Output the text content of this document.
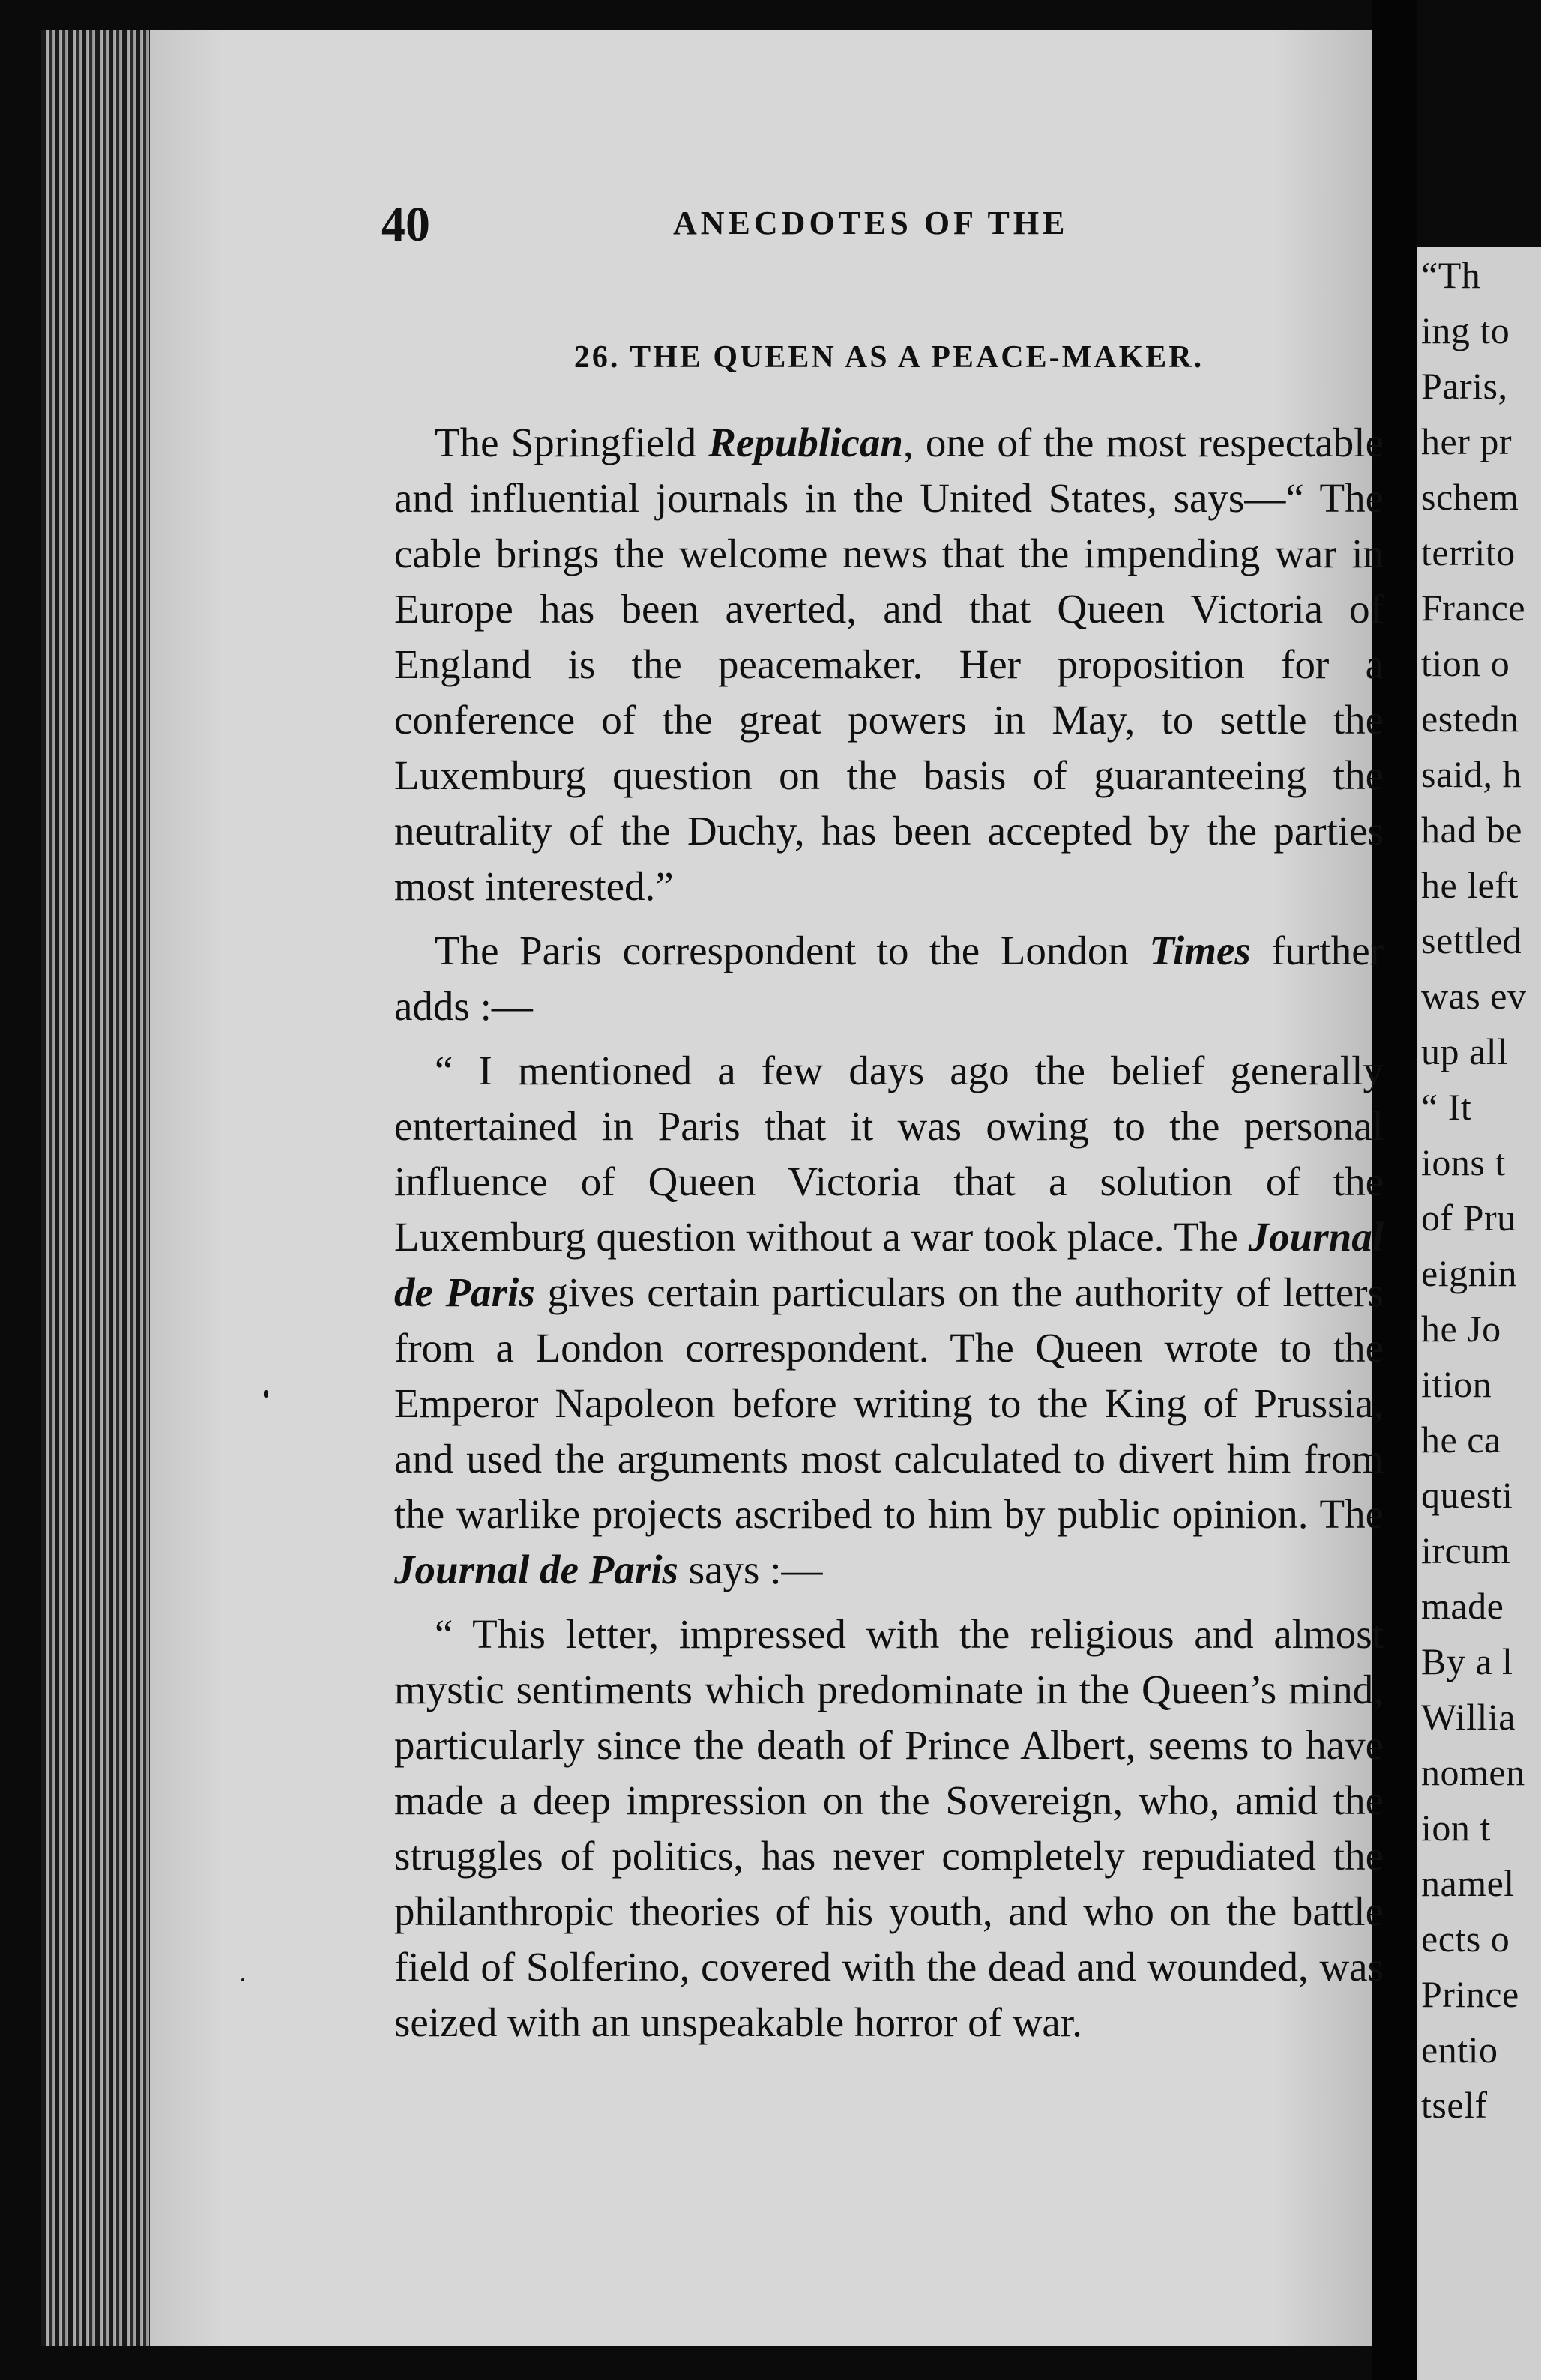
“Th
ing to
Paris,
her pr
schem
territo
France
tion o
estedn
said, h
had be
he left
settled
was ev
up all
“ It
ions t
of Pru
eignin
he Jo
ition
he ca
questi
ircum
made
By a l
Willia
nomen
ion t
namel
ects o
Prince
entio
tself
40	ANECDOTES OF THE
26. THE QUEEN AS A PEACE-MAKER.

The Springfield Republican, one of the most respectable and influential journals in the United States, says—“ The cable brings the welcome news that the impending war in Europe has been averted, and that Queen Victoria of England is the peacemaker. Her proposition for a conference of the great powers in May, to settle the Luxemburg question on the basis of guaranteeing the neutrality of the Duchy, has been accepted by the parties most interested.”

The Paris correspondent to the London Times further adds :—

“ I mentioned a few days ago the belief generally entertained in Paris that it was owing to the personal influence of Queen Victoria that a solution of the Luxemburg question without a war took place. The Journal de Paris gives certain particulars on the authority of letters from a London correspondent. The Queen wrote to the Emperor Napoleon before writing to the King of Prussia, and used the arguments most calculated to divert him from the warlike projects ascribed to him by public opinion. The Journal de Paris says :—

“ This letter, impressed with the religious and almost mystic sentiments which predominate in the Queen’s mind, particularly since the death of Prince Albert, seems to have made a deep impression on the Sovereign, who, amid the struggles of politics, has never completely repudiated the philanthropic theories of his youth, and who on the battle field of Solferino, covered with the dead and wounded, was seized with an unspeakable horror of war.
